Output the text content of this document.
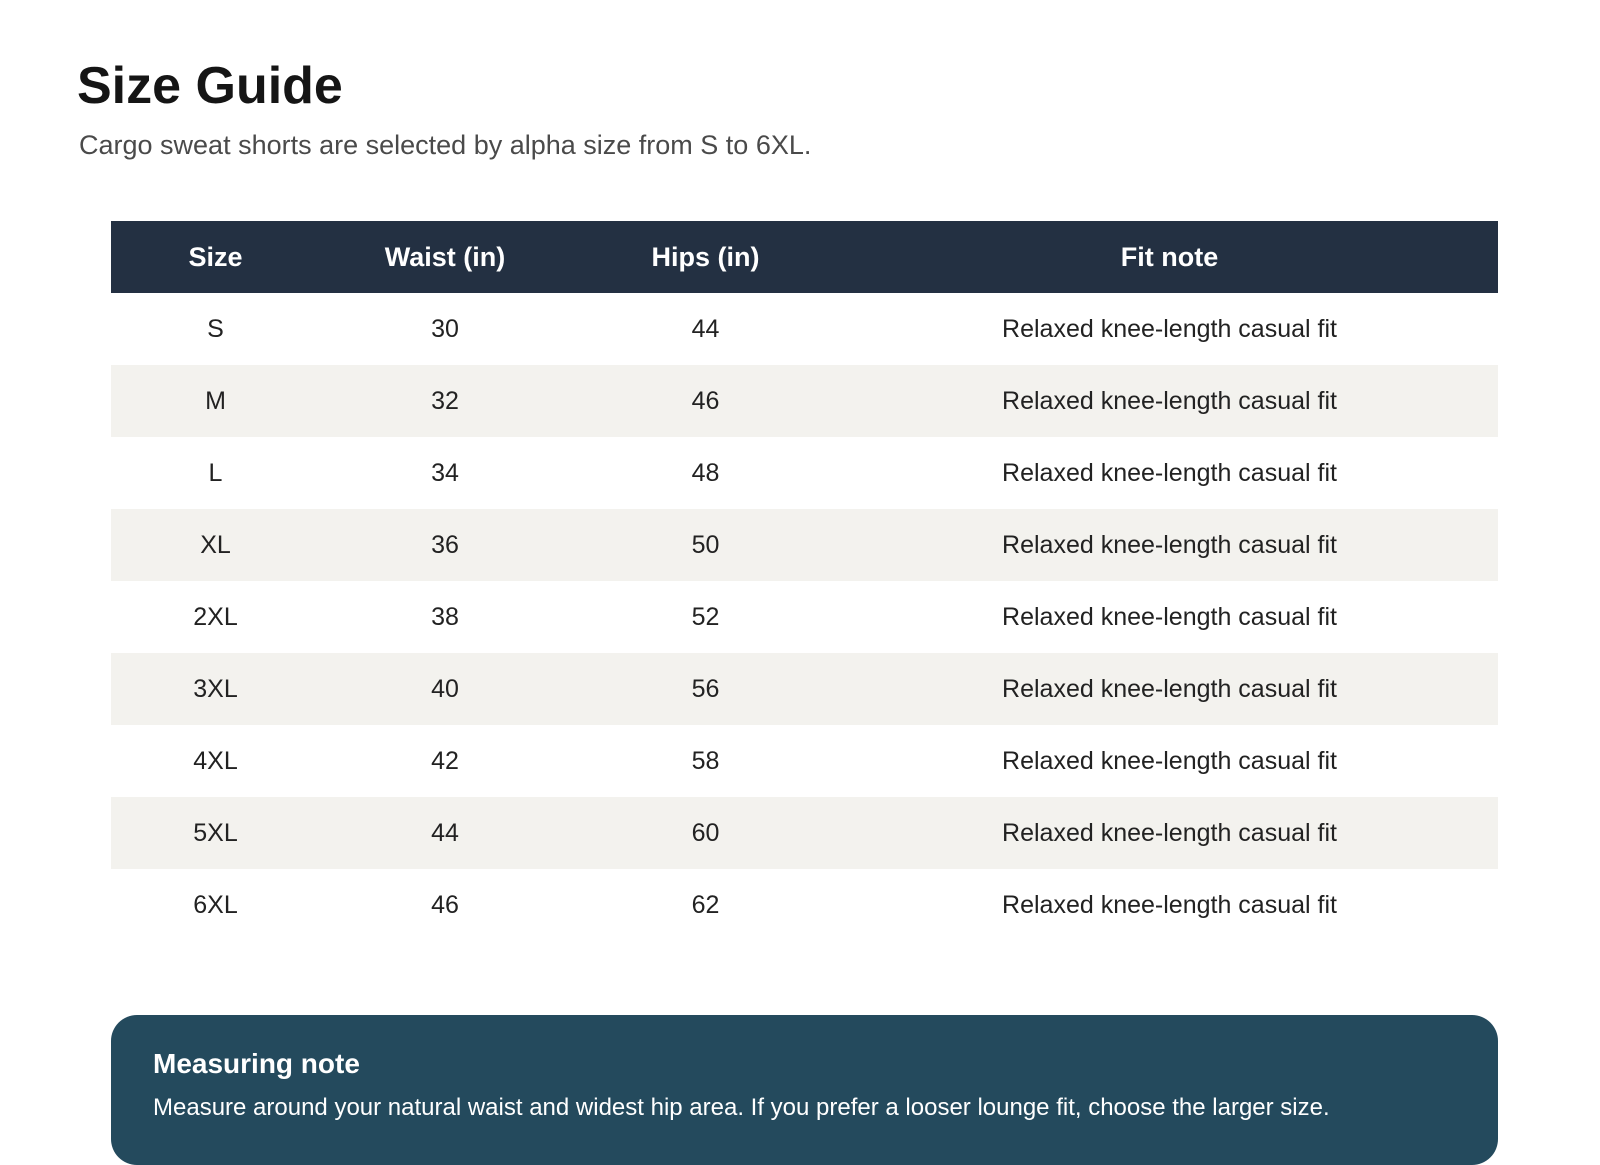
Size Guide

Cargo sweat shorts are selected by alpha size from S to 6XL.

Size	Waist (in)	Hips (in)	Fit note
S	30	44	Relaxed knee-length casual fit
M	32	46	Relaxed knee-length casual fit
L	34	48	Relaxed knee-length casual fit
XL	36	50	Relaxed knee-length casual fit
2XL	38	52	Relaxed knee-length casual fit
3XL	40	56	Relaxed knee-length casual fit
4XL	42	58	Relaxed knee-length casual fit
5XL	44	60	Relaxed knee-length casual fit
6XL	46	62	Relaxed knee-length casual fit
Measuring note

Measure around your natural waist and widest hip area. If you prefer a looser lounge fit, choose the larger size.
